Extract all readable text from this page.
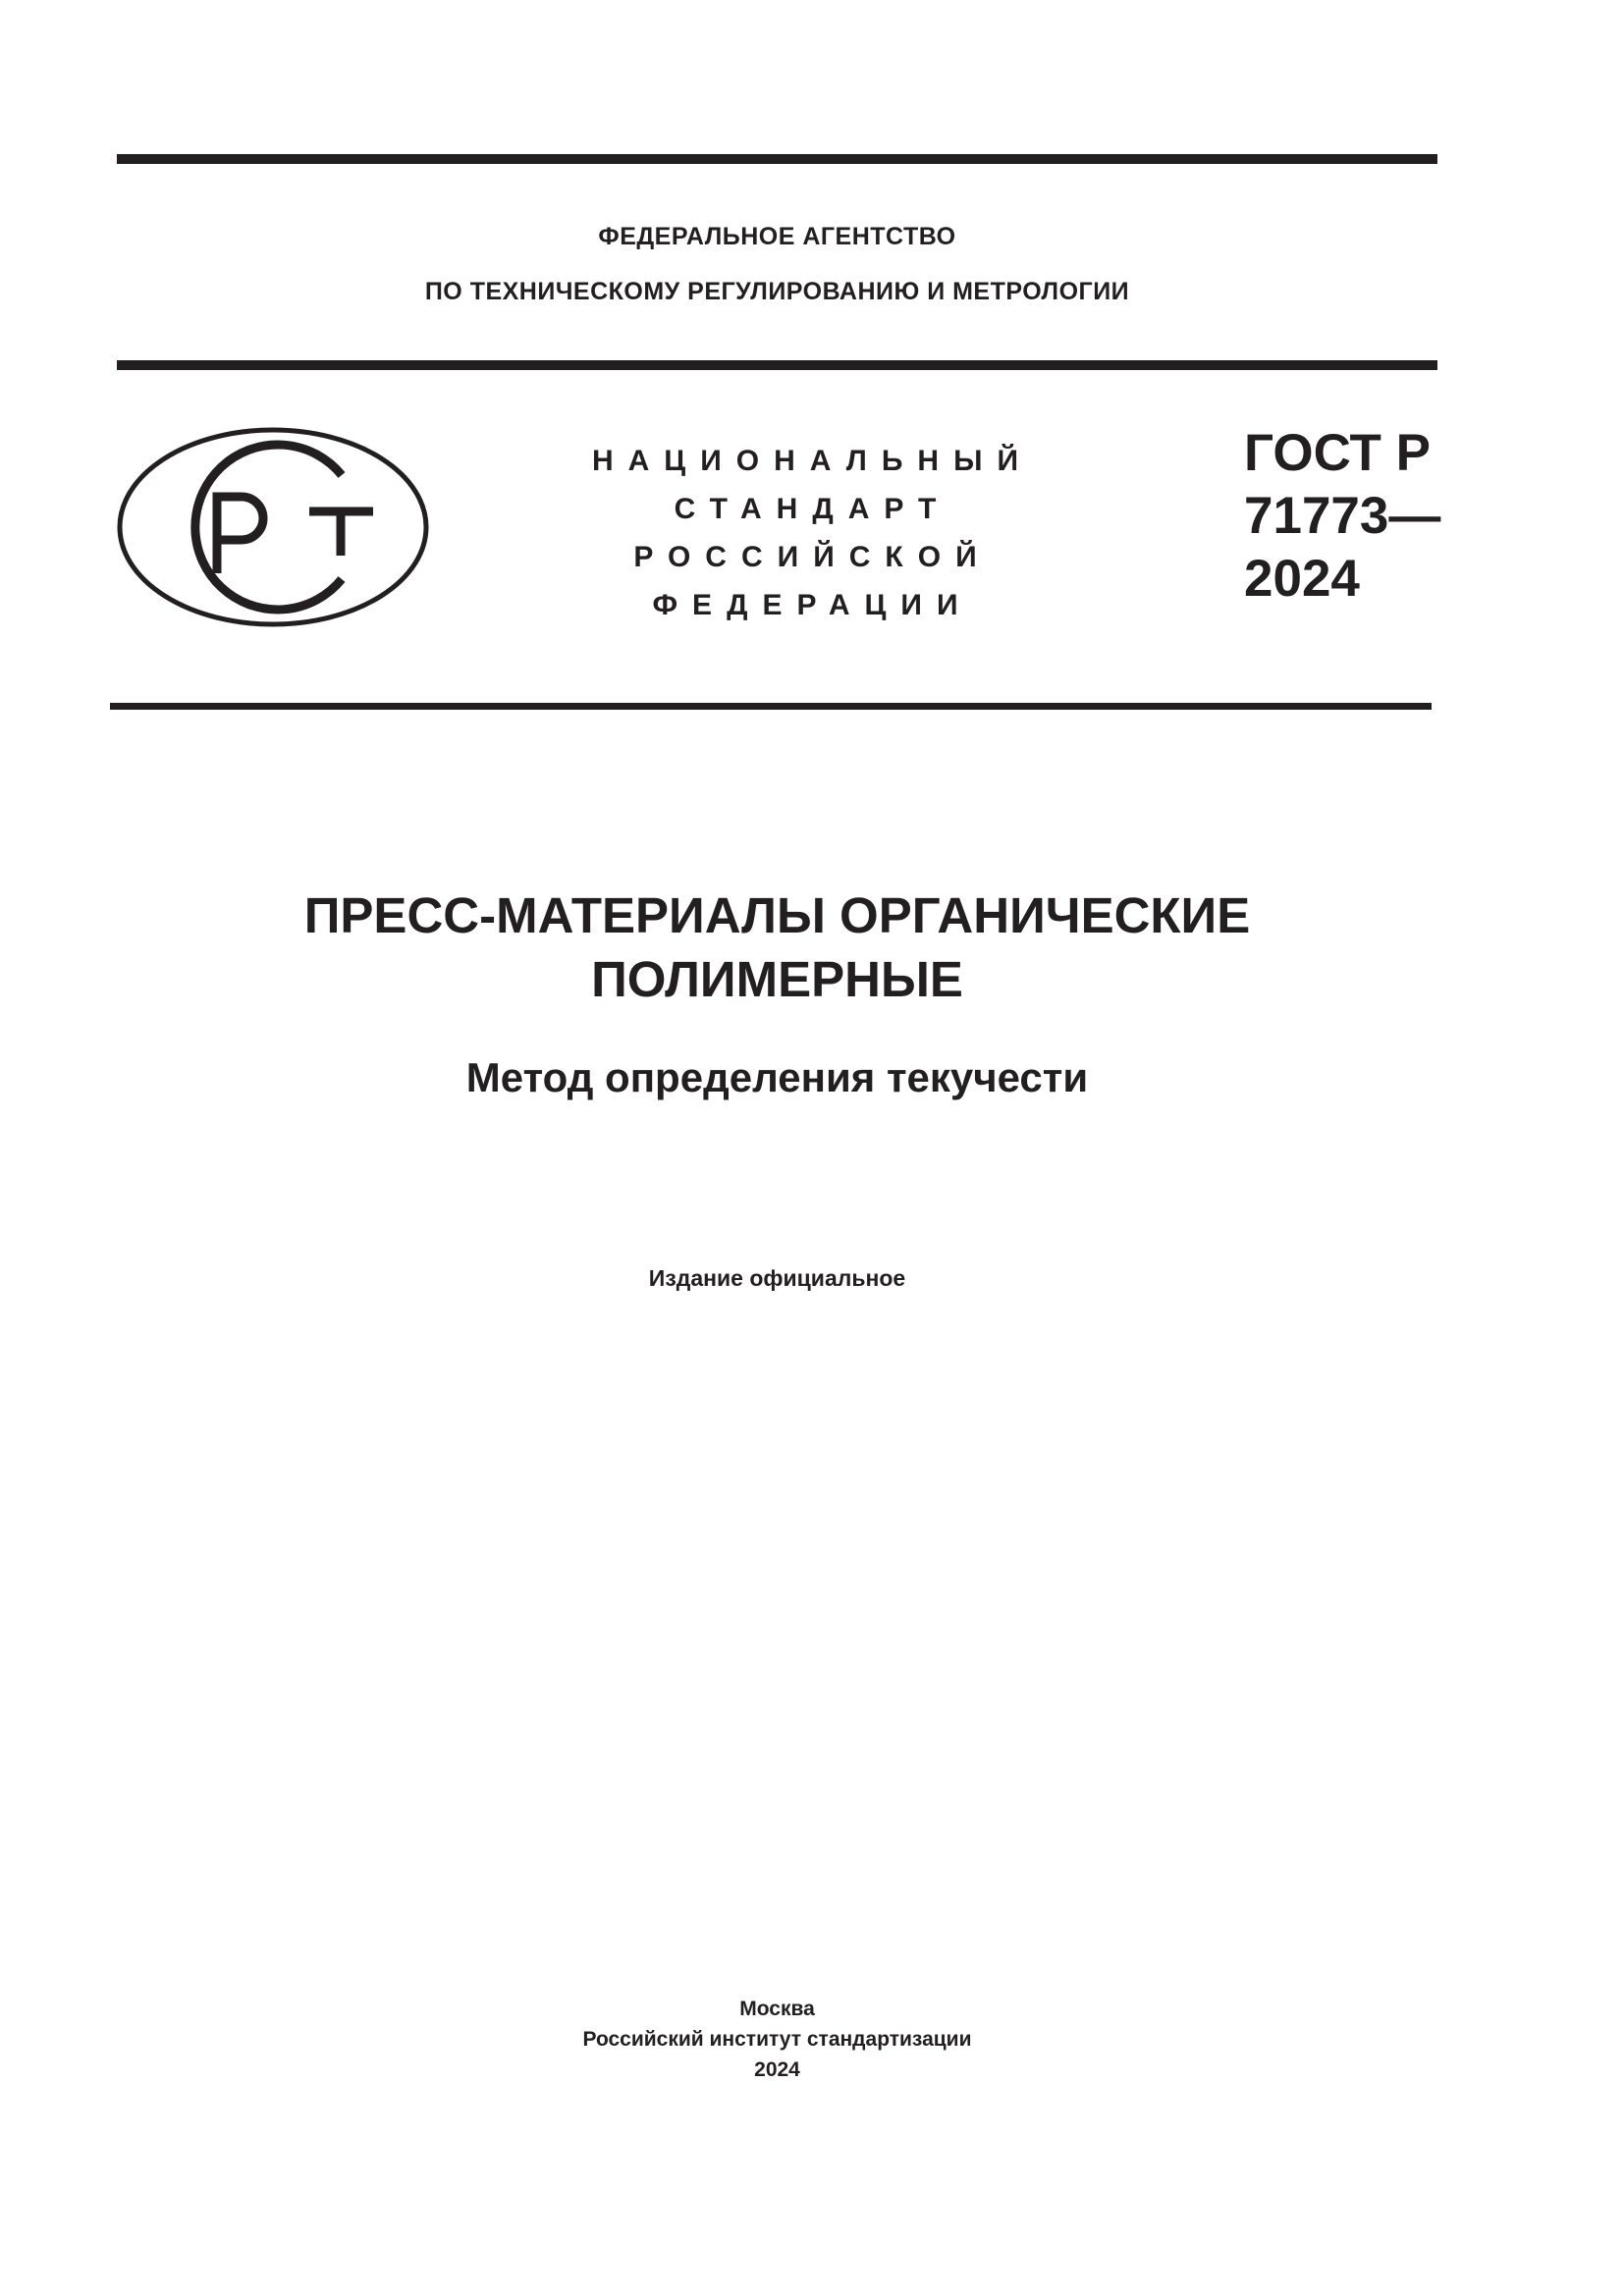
ФЕДЕРАЛЬНОЕ АГЕНТСТВО
ПО ТЕХНИЧЕСКОМУ РЕГУЛИРОВАНИЮ И МЕТРОЛОГИИ
НАЦИОНАЛЬНЫЙ
СТАНДАРТ
РОССИЙСКОЙ
ФЕДЕРАЦИИ
ГОСТ Р
71773—
2024
ПРЕСС-МАТЕРИАЛЫ ОРГАНИЧЕСКИЕ
ПОЛИМЕРНЫЕ
Метод определения текучести
Издание официальное
Москва
Российский институт стандартизации
2024
